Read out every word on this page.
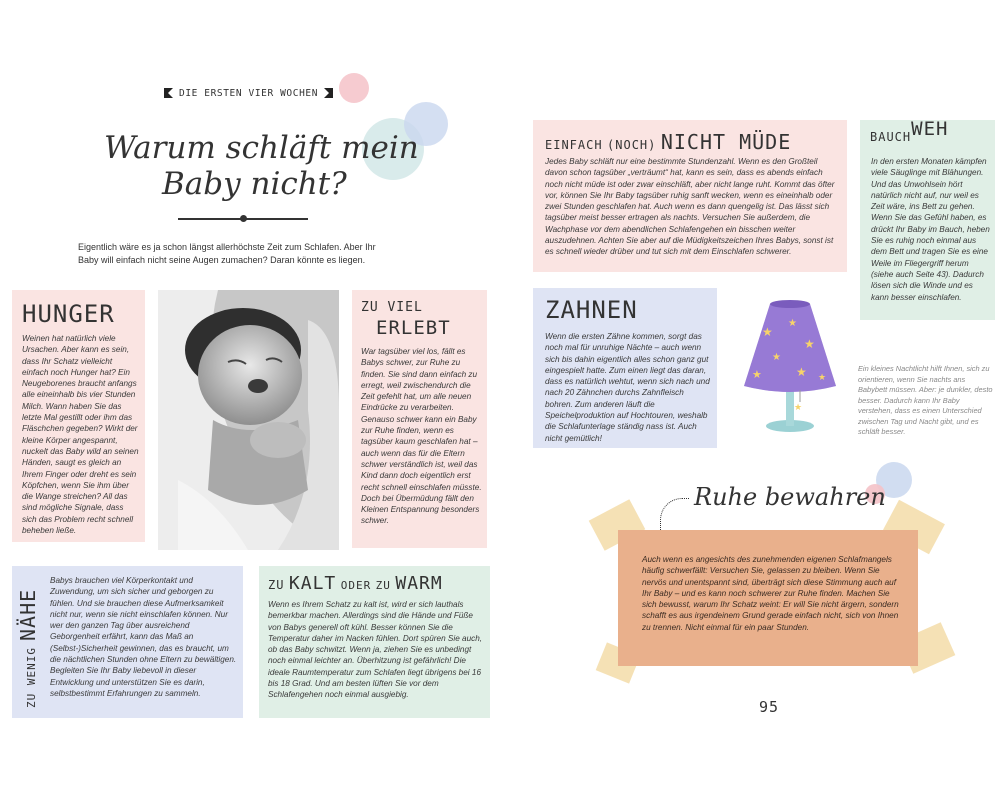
DIE ERSTEN VIER WOCHEN
Warum schläft mein
Baby nicht?

Eigentlich wäre es ja schon längst allerhöchste Zeit zum Schlafen. Aber Ihr Baby will einfach nicht seine Augen zumachen? Daran könnte es liegen.

HUNGER

Weinen hat natürlich viele Ursachen. Aber kann es sein, dass Ihr Schatz vielleicht einfach noch Hunger hat? Ein Neugeborenes braucht anfangs alle eineinhalb bis vier Stunden Milch. Wann haben Sie das letzte Mal gestillt oder ihm das Fläschchen gegeben? Wirkt der kleine Körper angespannt, nuckelt das Baby wild an seinen Händen, saugt es gleich an Ihrem Finger oder dreht es sein Köpfchen, wenn Sie ihm über die Wange streichen? All das sind mögliche Signale, dass sich das Problem recht schnell beheben ließe.

ZU VIEL
ERLEBT

War tagsüber viel los, fällt es Babys schwer, zur Ruhe zu finden. Sie sind dann einfach zu erregt, weil zwischendurch die Zeit gefehlt hat, um alle neuen Eindrücke zu verarbeiten. Genauso schwer kann ein Baby zur Ruhe finden, wenn es tagsüber kaum geschlafen hat – auch wenn das für die Eltern schwer verständlich ist, weil das Kind dann doch eigentlich erst recht schnell einschlafen müsste. Doch bei Übermüdung fällt den Kleinen Entspannung besonders schwer.

ZU WENIG
NÄHE

Babys brauchen viel Körperkontakt und Zuwendung, um sich sicher und geborgen zu fühlen. Und sie brauchen diese Aufmerksamkeit nicht nur, wenn sie nicht einschlafen können. Nur wer den ganzen Tag über ausreichend Geborgenheit erfährt, kann das Maß an (Selbst-)Sicherheit gewinnen, das es braucht, um die nächtlichen Stunden ohne Eltern zu bewältigen. Begleiten Sie Ihr Baby liebevoll in dieser Entwicklung und unterstützen Sie es darin, selbstbestimmt Erfahrungen zu sammeln.

ZU KALT ODER ZU WARM

Wenn es Ihrem Schatz zu kalt ist, wird er sich lauthals bemerkbar machen. Allerdings sind die Hände und Füße von Babys generell oft kühl. Besser können Sie die Temperatur daher im Nacken fühlen. Dort spüren Sie auch, ob das Baby schwitzt. Wenn ja, ziehen Sie es unbedingt noch einmal leichter an. Überhitzung ist gefährlich! Die ideale Raumtemperatur zum Schlafen liegt übrigens bei 16 bis 18 Grad. Und am besten lüften Sie vor dem Schlafengehen noch einmal ausgiebig.

EINFACH (NOCH) NICHT MÜDE

Jedes Baby schläft nur eine bestimmte Stundenzahl. Wenn es den Großteil davon schon tagsüber „verträumt“ hat, kann es sein, dass es abends einfach noch nicht müde ist oder zwar einschläft, aber nicht lange ruht. Kommt das öfter vor, können Sie Ihr Baby tagsüber ruhig sanft wecken, wenn es eineinhalb oder zwei Stunden geschlafen hat. Auch wenn es dann quengelig ist. Das lässt sich tagsüber meist besser ertragen als nachts. Versuchen Sie außerdem, die Wachphase vor dem abendlichen Schlafengehen ein bisschen weiter auszudehnen. Achten Sie aber auf die Müdigkeitszeichen Ihres Babys, sonst ist es schnell wieder drüber und tut sich mit dem Einschlafen schwerer.

BAUCHWEH

In den ersten Monaten kämpfen viele Säuglinge mit Blähungen. Und das Unwohlsein hört natürlich nicht auf, nur weil es Zeit wäre, ins Bett zu gehen. Wenn Sie das Gefühl haben, es drückt Ihr Baby im Bauch, heben Sie es ruhig noch einmal aus dem Bett und tragen Sie es eine Weile im Fliegergriff herum (siehe auch Seite 43). Dadurch lösen sich die Winde und es kann besser einschlafen.

ZAHNEN

Wenn die ersten Zähne kommen, sorgt das noch mal für unruhige Nächte – auch wenn sich bis dahin eigentlich alles schon ganz gut eingespielt hatte. Zum einen liegt das daran, dass es natürlich wehtut, wenn sich nach und nach 20 Zähnchen durchs Zahnfleisch bohren. Zum anderen läuft die Speichelproduktion auf Hochtouren, weshalb die Schlafunterlage ständig nass ist. Auch nicht gemütlich!

★
★
★
★
★	★ ★
★

Ein kleines Nachtlicht hilft Ihnen, sich zu orientieren, wenn Sie nachts ans Babybett müssen. Aber: je dunkler, desto besser. Dadurch kann Ihr Baby verstehen, dass es einen Unterschied zwischen Tag und Nacht gibt, und es schläft besser.

Ruhe bewahren

Auch wenn es angesichts des zunehmenden eigenen Schlafmangels häufig schwerfällt: Versuchen Sie, gelassen zu bleiben. Wenn Sie nervös und unentspannt sind, überträgt sich diese Stimmung auch auf Ihr Baby – und es kann noch schwerer zur Ruhe finden. Machen Sie sich bewusst, warum Ihr Schatz weint: Er will Sie nicht ärgern, sondern schafft es aus irgendeinem Grund gerade einfach nicht, sich von Ihnen zu trennen. Nicht einmal für ein paar Stunden.

95
